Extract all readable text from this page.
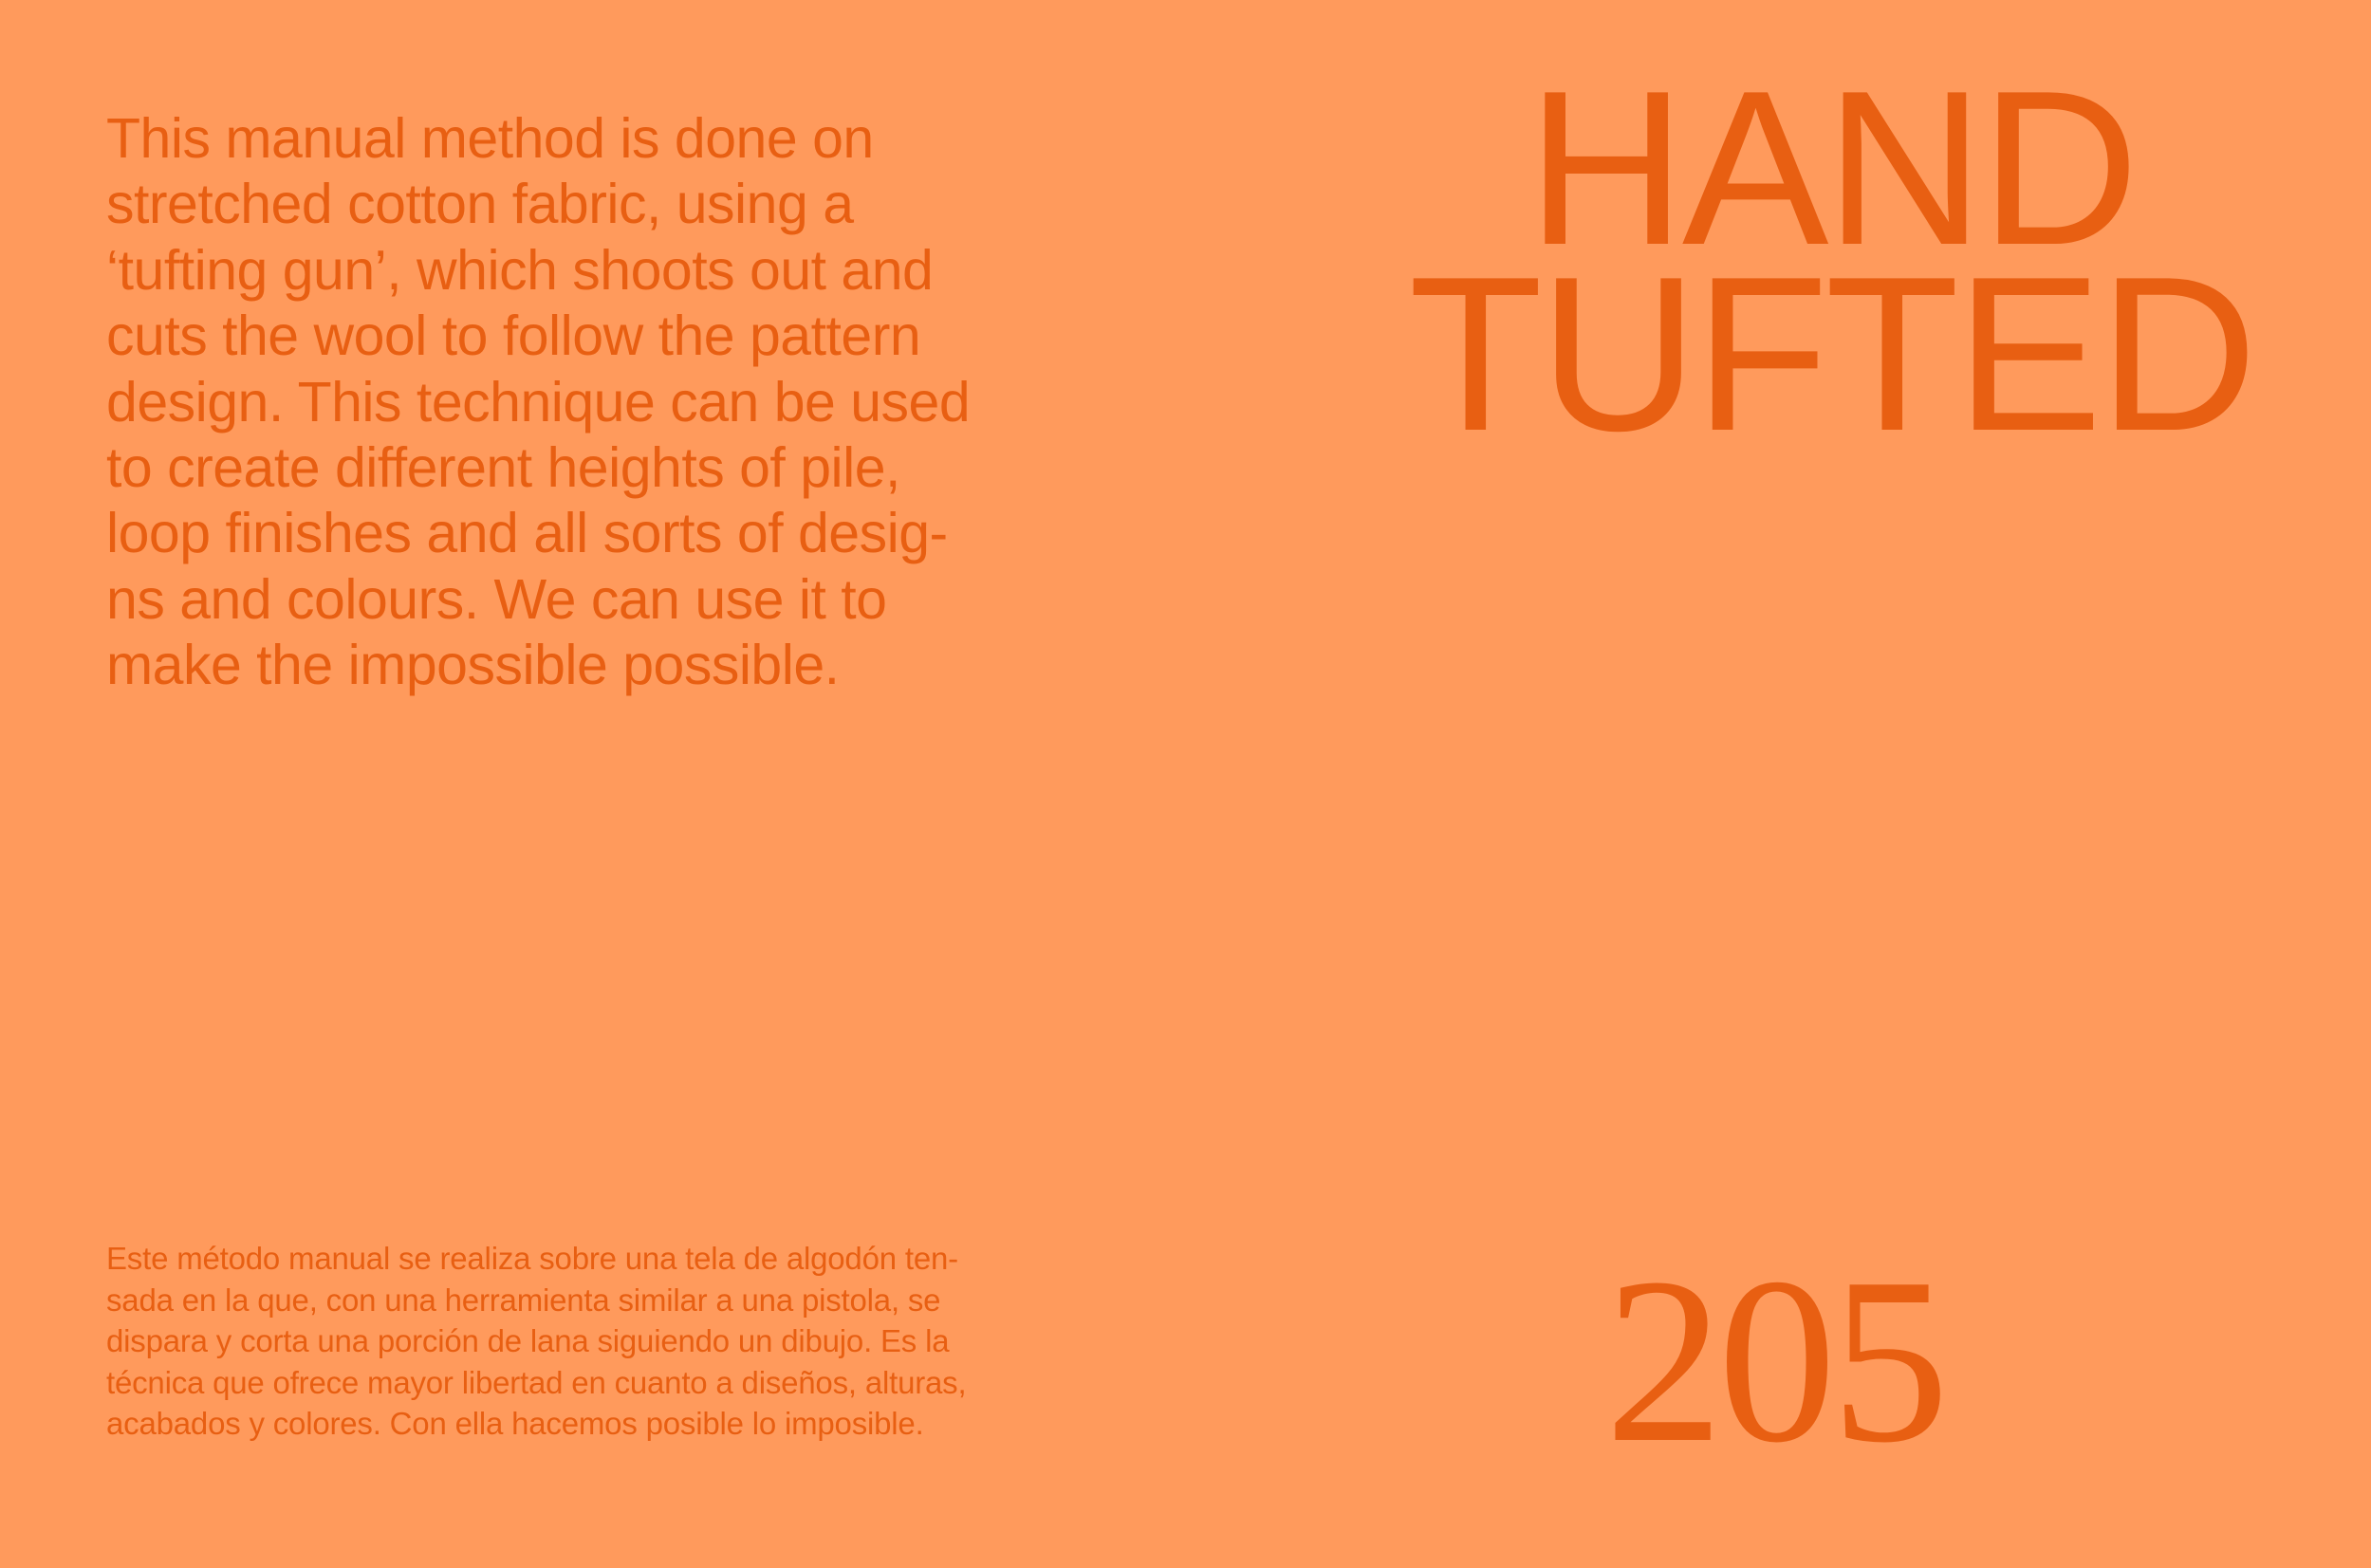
This manual method is done on
stretched cotton fabric, using a
‘tufting gun’, which shoots out and
cuts the wool to follow the pattern
design. This technique can be used
to create different heights of pile,
loop finishes and all sorts of desig-
ns and colours. We can use it to
make the impossible possible.

HAND
TUFTED

Este método manual se realiza sobre una tela de algodón ten-
sada en la que, con una herramienta similar a una pistola, se
dispara y corta una porción de lana siguiendo un dibujo. Es la
técnica que ofrece mayor libertad en cuanto a diseños, alturas,
acabados y colores. Con ella hacemos posible lo imposible.	205
